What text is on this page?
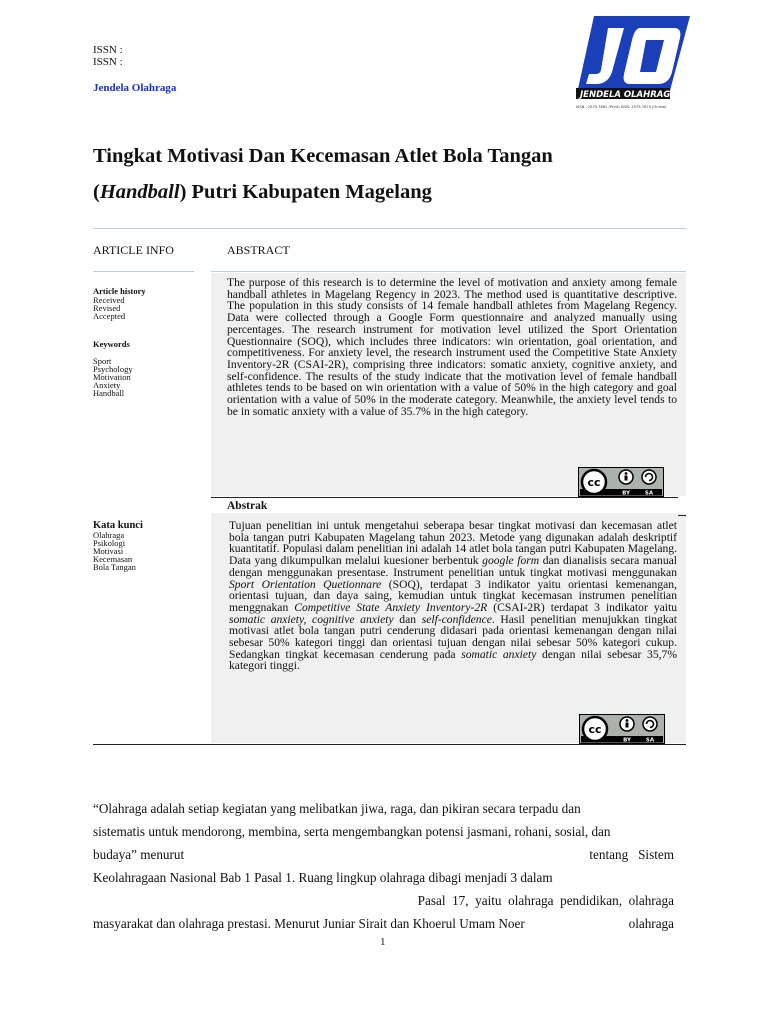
ISSN :
ISSN :
Jendela Olahraga
JENDELA OLAHRAGA
ISSN : 2579-7662 (Print) ISSN: 2579-7670 (Online)
Tingkat Motivasi Dan Kecemasan Atlet Bola Tangan
(Handball) Putri Kabupaten Magelang
ARTICLE INFO	ABSTRACT
Article history
Received
Revised
Accepted
Keywords
Sport
Psychology
Motivation
Anxiety
Handball
Kata kunci
Olahraga
Psikologi
Motivasi
Kecemasan
Bola Tangan
The purpose of this research is to determine the level of motivation and anxiety among female handball athletes in Magelang Regency in 2023. The method used is quantitative descriptive. The population in this study consists of 14 female handball athletes from Magelang Regency. Data were collected through a Google Form questionnaire and analyzed manually using percentages. The research instrument for motivation level utilized the Sport Orientation Questionnaire (SOQ), which includes three indicators: win orientation, goal orientation, and competitiveness. For anxiety level, the research instrument used the Competitive State Anxiety Inventory-2R (CSAI-2R), comprising three indicators: somatic anxiety, cognitive anxiety, and self-confidence. The results of the study indicate that the motivation level of female handball athletes tends to be based on win orientation with a value of 50% in the high category and goal orientation with a value of 50% in the moderate category. Meanwhile, the anxiety level tends to be in somatic anxiety with a value of 35.7% in the high category.
cc
BY	SA
Abstrak
Tujuan penelitian ini untuk mengetahui seberapa besar tingkat motivasi dan kecemasan atlet bola tangan putri Kabupaten Magelang tahun 2023. Metode yang digunakan adalah deskriptif kuantitatif. Populasi dalam penelitian ini adalah 14 atlet bola tangan putri Kabupaten Magelang. Data yang dikumpulkan melalui kuesioner berbentuk google form dan dianalisis secara manual dengan menggunakan presentase. Instrument penelitian untuk tingkat motivasi menggunakan Sport Orientation Quetionnare (SOQ), terdapat 3 indikator yaitu orientasi kemenangan, orientasi tujuan, dan daya saing, kemudian untuk tingkat kecemasan instrumen penelitian menggnakan Competitive State Anxiety Inventory-2R (CSAI-2R) terdapat 3 indikator yaitu somatic anxiety, cognitive anxiety dan self-confidence. Hasil penelitian menujukkan tingkat motivasi atlet bola tangan putri cenderung didasari pada orientasi kemenangan dengan nilai sebesar 50% kategori tinggi dan orientasi tujuan dengan nilai sebesar 50% kategori cukup. Sedangkan tingkat kecemasan cenderung pada somatic anxiety dengan nilai sebesar 35,7% kategori tinggi.
cc
BY	SA
“Olahraga adalah setiap kegiatan yang melibatkan jiwa, raga, dan pikiran secara terpadu dan
sistematis untuk mendorong, membina, serta mengembangkan potensi jasmani, rohani, sosial, dan
budaya” menurut	tentang   Sistem
Keolahragaan Nasional Bab 1 Pasal 1. Ruang lingkup olahraga dibagi menjadi 3 dalam
Pasal  17,  yaitu  olahraga  pendidikan,  olahraga
masyarakat dan olahraga prestasi. Menurut Juniar Sirait dan Khoerul Umam Noer	olahraga
1
